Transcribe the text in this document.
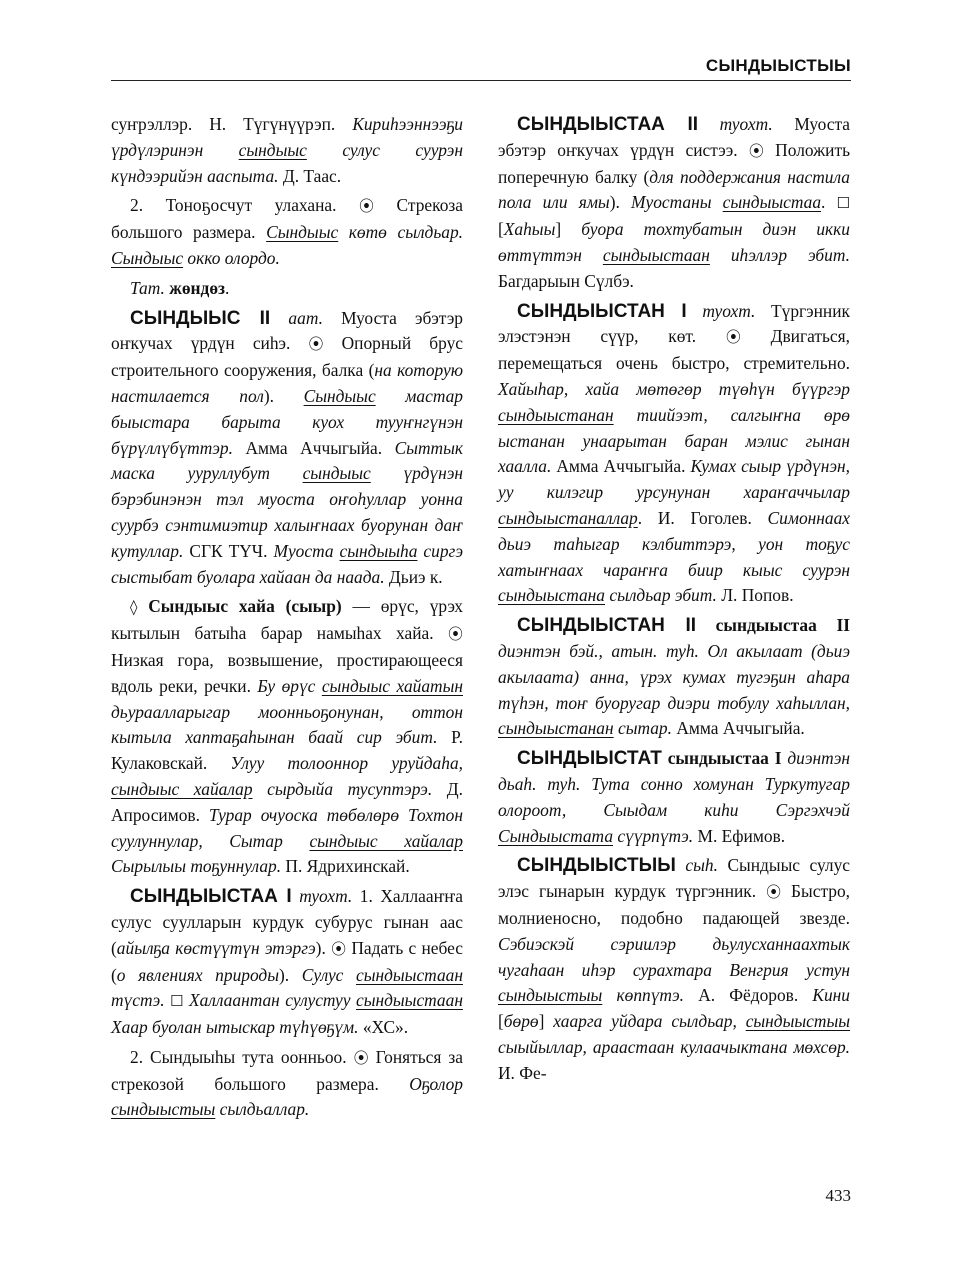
СЫНДЫЫСТЫЫ

суҥрэллэр. Н. Түгүнүүрэп. Кириһээннээҕи үрдүлэринэн сындыыс сулус суурэн күндээрийэн ааспыта. Д. Таас.

2. Тоноҕосчут улахана. ⦿ Стрекоза большого размера. Сындыыс көтө сылдьар. Сындыыс окко олордо.

Тат. жөндөз.

СЫНДЫЫС II аат. Муоста эбэтэр оҥкучах үрдүн сиһэ. ⦿ Опорный брус строительного сооружения, балка (на которую настилается пол). Сындыыс мастар быыстара барыта куох тууҥнгүнэн бүрүллүбүттэр. Амма Аччыгыйа. Сыттык маска ууруллубут сындыыс үрдүнэн бэрэбинэнэн тэл муоста оҥоһуллар уонна суурбэ сэнтимиэтир халыҥнаах буорунан даҥ кутуллар. СГК ТҮЧ. Муоста сындыыһа сиргэ сыстыбат буолара хайаан да наада. Дьиэ к.

◊ Сындыыс хайа (сыыр) — өрүс, үрэх кытылын батыһа барар намыһах хайа. ⦿ Низкая гора, возвышение, простирающееся вдоль реки, речки. Бу өрүс сындыыс хайатын дьураалларыгар моонньоҕонунан, оттон кытыла хаптаҕаһынан баай сир эбит. Р. Кулаковскай. Улуу толооннор уруйдаһа, сындыыс хайалар сырдыйа тусуптэрэ. Д. Апросимов. Турар очуоска төбөлөрө Тохтон суулуннулар, Сытар сындыыс хайалар Сырылыы тоҕуннулар. П. Ядрихинскай.

СЫНДЫЫСТАА I туохт. 1. Халлааҥҥа сулус сууллaрын курдук субурус гынан аас (айылҕа көстүүтүн этэргэ). ⦿ Падать с небес (о явлениях природы). Сулус сындыыстаан түстэ. ☐ Халлаантан сулустуу сындыыстаан Хаар буолан ытыскар түһүөҕүм. «ХС».

2. Сындыыһы тута оонньоо. ⦿ Гоняться за стрекозой большого размера. Оҕолор сындыыстыы сылдьаллар.

СЫНДЫЫСТАА II туохт. Муоста эбэтэр оҥкучах үрдүн систээ. ⦿ Положить поперечную балку (для поддержания настила пола или ямы). Муостаны сындыыстаа. ☐ [Хаһыы] буора тохтубатын диэн икки өттүттэн сындыыстаан иһэллэр эбит. Багдарыын Сүлбэ.

СЫНДЫЫСТАН I туохт. Түргэнник элэстэнэн сүүр, көт. ⦿ Двигаться, перемещаться очень быстро, стремительно. Хайыһар, хайа мөтөгөр түөһүн бүүргэр сындыыстанан тиийээт, салгыҥна өрө ыстанан унаарытан баран мэлис гынан хаалла. Амма Аччыгыйа. Кумах сыыр үрдүнэн, уу килэгир урсунунан хараҥаччылар сындыыстаналлар. И. Гоголев. Симоннаах дьиэ таһыгар кэлбиттэрэ, уон тоҕус хатыҥнаах чараҥҥа биир кыыс суурэн сындыыстана сылдьар эбит. Л. Попов.

СЫНДЫЫСТАН II сындыыстаа II диэнтэн бэй., атын. туһ. Ол акылаат (дьиэ акылаата) анна, үрэх кумах тугэҕин аһара түһэн, тоҥ буоругар диэри тобулу хаһыллан, сындыыстанан сытар. Амма Аччыгыйа.

СЫНДЫЫСТАТ сындыыстаа I диэнтэн дьаһ. туһ. Тута сонно хомунан Туркутугар олороот, Сыыдам киһи Сэргэхчэй Сындыыстата сүүрпүтэ. М. Ефимов.

СЫНДЫЫСТЫЫ сыһ. Сындыыс сулус элэс гынарын курдук түргэнник. ⦿ Быстро, молниеносно, подобно падающей звезде. Сэбиэскэй сэриилэр дьулусханнаахтык чугаһаан иһэр сурахтара Венгрия устун сындыыстыы көппүтэ. А. Фёдоров. Кини [бөрө] хаарга уйдара сылдьар, сындыыстыы сыыйыллар, араастаан кулаачыктана мөхсөр. И. Фе-

433
